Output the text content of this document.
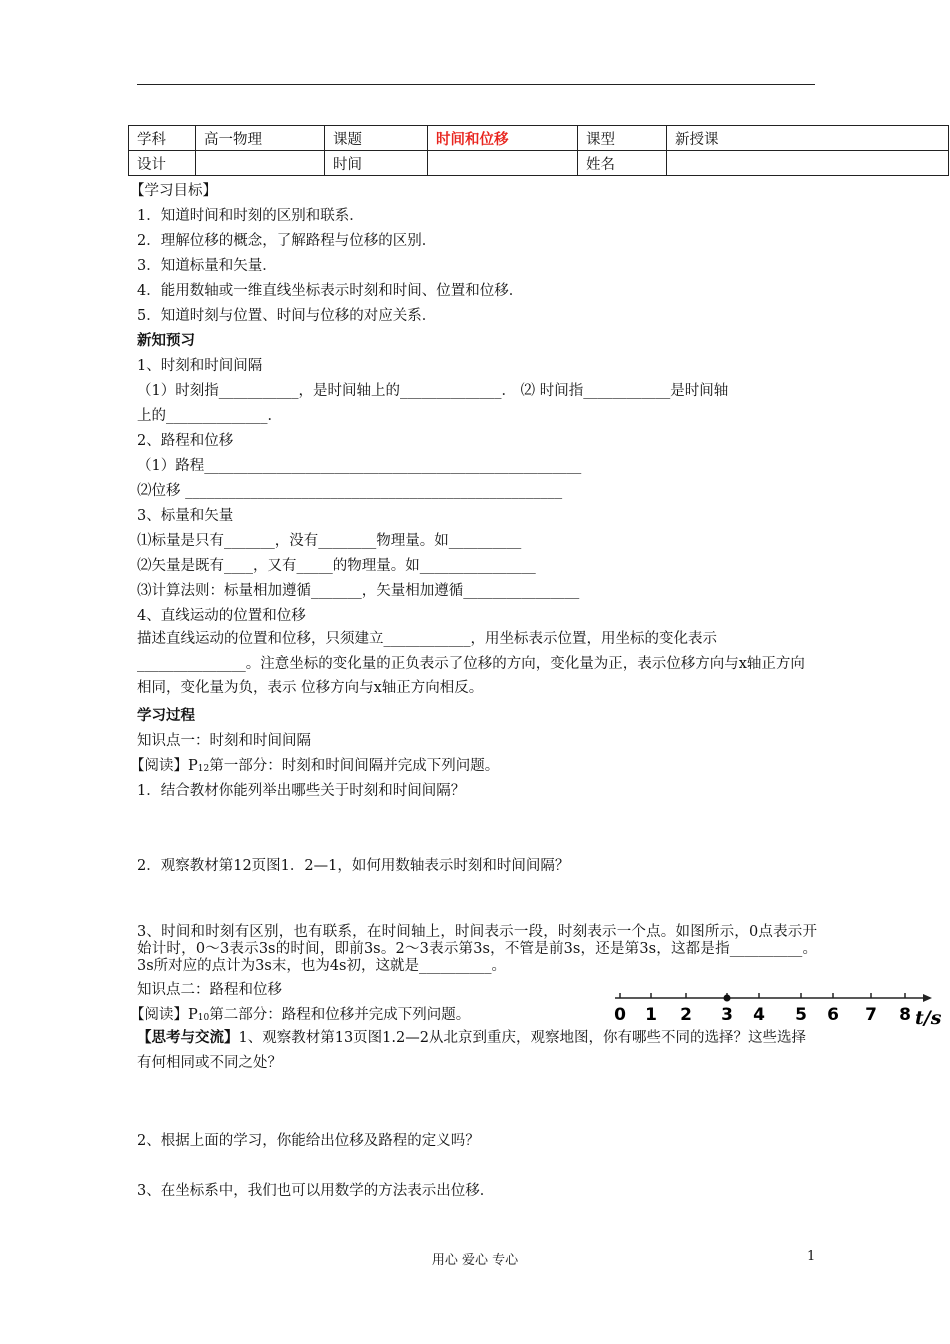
学科	高一物理	课题	时间和位移	课型	新授课
设计		时间		姓名	
【学习目标】
1．知道时间和时刻的区别和联系．
2．理解位移的概念，了解路程与位移的区别．
3．知道标量和矢量．
4．能用数轴或一维直线坐标表示时刻和时间、位置和位移．
5．知道时刻与位置、时间与位移的对应关系．
新知预习
1、时刻和时间间隔
（1）时刻指___________，是时间轴上的______________． ⑵ 时间指____________是时间轴
上的______________．
2、路程和位移
（1）路程____________________________________________________
⑵位移 ____________________________________________________
3、标量和矢量
⑴标量是只有_______，没有________物理量。如__________
⑵矢量是既有____，又有_____的物理量。如________________
⑶计算法则：标量相加遵循_______，矢量相加遵循________________
4、直线运动的位置和位移
描述直线运动的位置和位移，只须建立____________，用坐标表示位置，用坐标的变化表示_______________。注意坐标的变化量的正负表示了位移的方向，变化量为正，表示位移方向与x轴正方向相同，变化量为负，表示 位移方向与x轴正方向相反。
学习过程
知识点一：时刻和时间间隔
【阅读】$P_{12}$第一部分：时刻和时间间隔并完成下列问题。
1．结合教材你能列举出哪些关于时刻和时间间隔？
2．观察教材第12页图1．2—1，如何用数轴表示时刻和时间间隔？
3、时间和时刻有区别，也有联系，在时间轴上，时间表示一段，时刻表示一个点。如图所示，0点表示开始计时，0～3表示3s的时间，即前3s。2～3表示第3s，不管是前3s，还是第3s，这都是指__________。3s所对应的点计为3s末，也为4s初，这就是__________。
知识点二：路程和位移
【阅读】$P_{10}$第二部分：路程和位移并完成下列问题。
【思考与交流】1、观察教材第13页图1.2—2从北京到重庆，观察地图，你有哪些不同的选择？这些选择有何相同或不同之处？
2、根据上面的学习，你能给出位移及路程的定义吗？
3、在坐标系中，我们也可以用数学的方法表示出位移．
0 1 2 3 4 5 6 7 8 t/s
用心 爱心 专心	1
